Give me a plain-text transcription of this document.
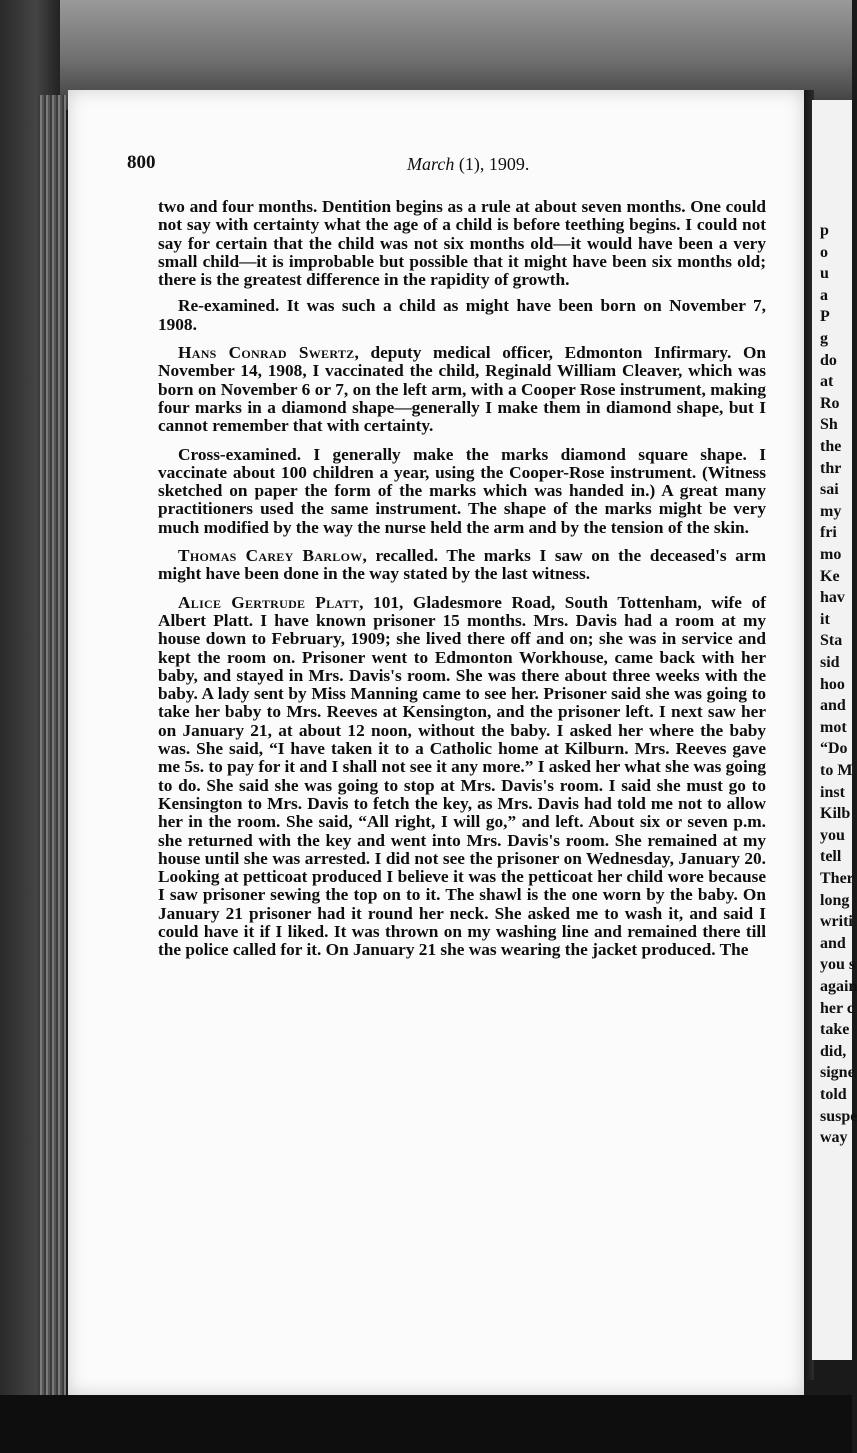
p
o
u
a
P
g
do
at
Ro
Sh
the
thr
sai
my
fri
mo
Ke
hav
it
Sta
sid
hoo
and
mot
“Do
to M
inst
Kilb
you
tell
Ther
long
writi
and
you s
again
her c
take
did,
signe
told
suspe
way
800	March (1), 1909.

two and four months. Dentition begins as a rule at about seven months. One could not say with certainty what the age of a child is before teething begins. I could not say for certain that the child was not six months old—it would have been a very small child—it is improbable but possible that it might have been six months old; there is the greatest difference in the rapidity of growth.

Re-examined. It was such a child as might have been born on November 7, 1908.

Hans Conrad Swertz, deputy medical officer, Edmonton Infirmary. On November 14, 1908, I vaccinated the child, Reginald William Cleaver, which was born on November 6 or 7, on the left arm, with a Cooper Rose instrument, making four marks in a diamond shape—generally I make them in diamond shape, but I cannot remember that with certainty.

Cross-examined. I generally make the marks diamond square shape. I vaccinate about 100 children a year, using the Cooper-Rose instrument. (Witness sketched on paper the form of the marks which was handed in.) A great many practitioners used the same instrument. The shape of the marks might be very much modified by the way the nurse held the arm and by the tension of the skin.

Thomas Carey Barlow, recalled. The marks I saw on the deceased's arm might have been done in the way stated by the last witness.

Alice Gertrude Platt, 101, Gladesmore Road, South Tottenham, wife of Albert Platt. I have known prisoner 15 months. Mrs. Davis had a room at my house down to February, 1909; she lived there off and on; she was in service and kept the room on. Prisoner went to Edmonton Workhouse, came back with her baby, and stayed in Mrs. Davis's room. She was there about three weeks with the baby. A lady sent by Miss Manning came to see her. Prisoner said she was going to take her baby to Mrs. Reeves at Kensington, and the prisoner left. I next saw her on January 21, at about 12 noon, without the baby. I asked her where the baby was. She said, “I have taken it to a Catholic home at Kilburn. Mrs. Reeves gave me 5s. to pay for it and I shall not see it any more.” I asked her what she was going to do. She said she was going to stop at Mrs. Davis's room. I said she must go to Kensington to Mrs. Davis to fetch the key, as Mrs. Davis had told me not to allow her in the room. She said, “All right, I will go,” and left. About six or seven p.m. she returned with the key and went into Mrs. Davis's room. She remained at my house until she was arrested. I did not see the prisoner on Wednesday, January 20. Looking at petticoat produced I believe it was the petticoat her child wore because I saw prisoner sewing the top on to it. The shawl is the one worn by the baby. On January 21 prisoner had it round her neck. She asked me to wash it, and said I could have it if I liked. It was thrown on my washing line and remained there till the police called for it. On January 21 she was wearing the jacket produced. The
